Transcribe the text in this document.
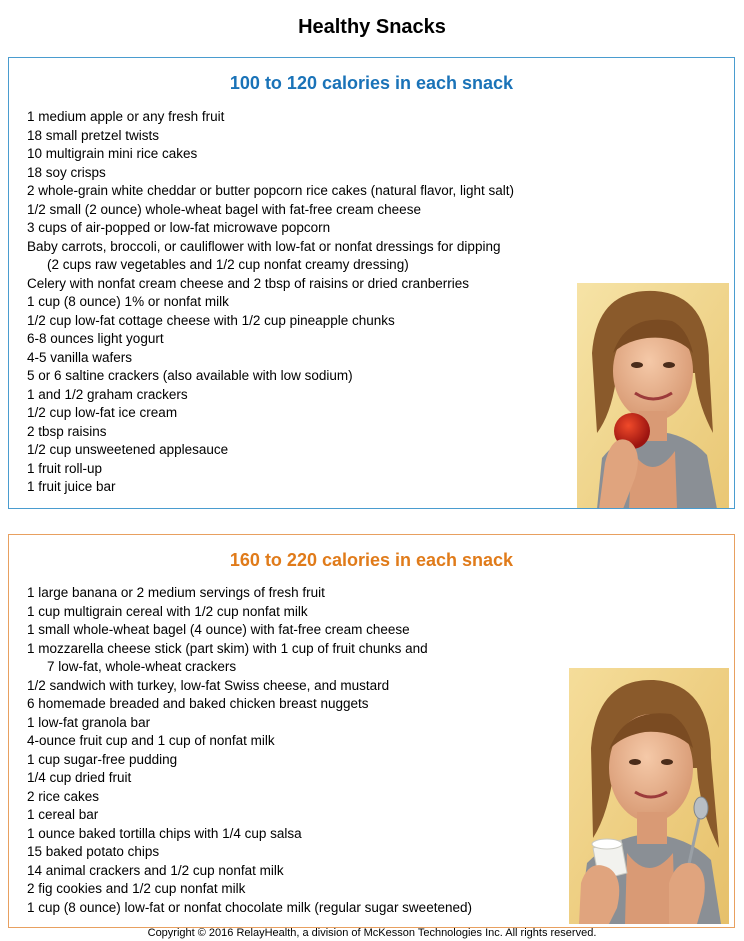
Healthy Snacks
100 to 120 calories in each snack
1 medium apple or any fresh fruit
18 small pretzel twists
10 multigrain mini rice cakes
18 soy crisps
2 whole-grain white cheddar or butter popcorn rice cakes (natural flavor, light salt)
1/2 small (2 ounce) whole-wheat bagel with fat-free cream cheese
3 cups of air-popped or low-fat microwave popcorn
Baby carrots, broccoli, or cauliflower with low-fat or nonfat dressings for dipping
(2 cups raw vegetables and 1/2 cup nonfat creamy dressing)
Celery with nonfat cream cheese and 2 tbsp of raisins or dried cranberries
1 cup (8 ounce) 1% or nonfat milk
1/2 cup low-fat cottage cheese with 1/2 cup pineapple chunks
6-8 ounces light yogurt
4-5 vanilla wafers
5 or 6 saltine crackers (also available with low sodium)
1 and 1/2 graham crackers
1/2 cup low-fat ice cream
2 tbsp raisins
1/2 cup unsweetened applesauce
1 fruit roll-up
1 fruit juice bar
160 to 220 calories in each snack
1 large banana or 2 medium servings of fresh fruit
1 cup multigrain cereal with 1/2 cup nonfat milk
1 small whole-wheat bagel (4 ounce) with fat-free cream cheese
1 mozzarella cheese stick (part skim) with 1 cup of fruit chunks and
7 low-fat, whole-wheat crackers
1/2 sandwich with turkey, low-fat Swiss cheese, and mustard
6 homemade breaded and baked chicken breast nuggets
1 low-fat granola bar
4-ounce fruit cup and 1 cup of nonfat milk
1 cup sugar-free pudding
1/4 cup dried fruit
2 rice cakes
1 cereal bar
1 ounce baked tortilla chips with 1/4 cup salsa
15 baked potato chips
14 animal crackers and 1/2 cup nonfat milk
2 fig cookies and 1/2 cup nonfat milk
1 cup (8 ounce) low-fat or nonfat chocolate milk (regular sugar sweetened)

Copyright © 2016 RelayHealth, a division of McKesson Technologies Inc. All rights reserved.
